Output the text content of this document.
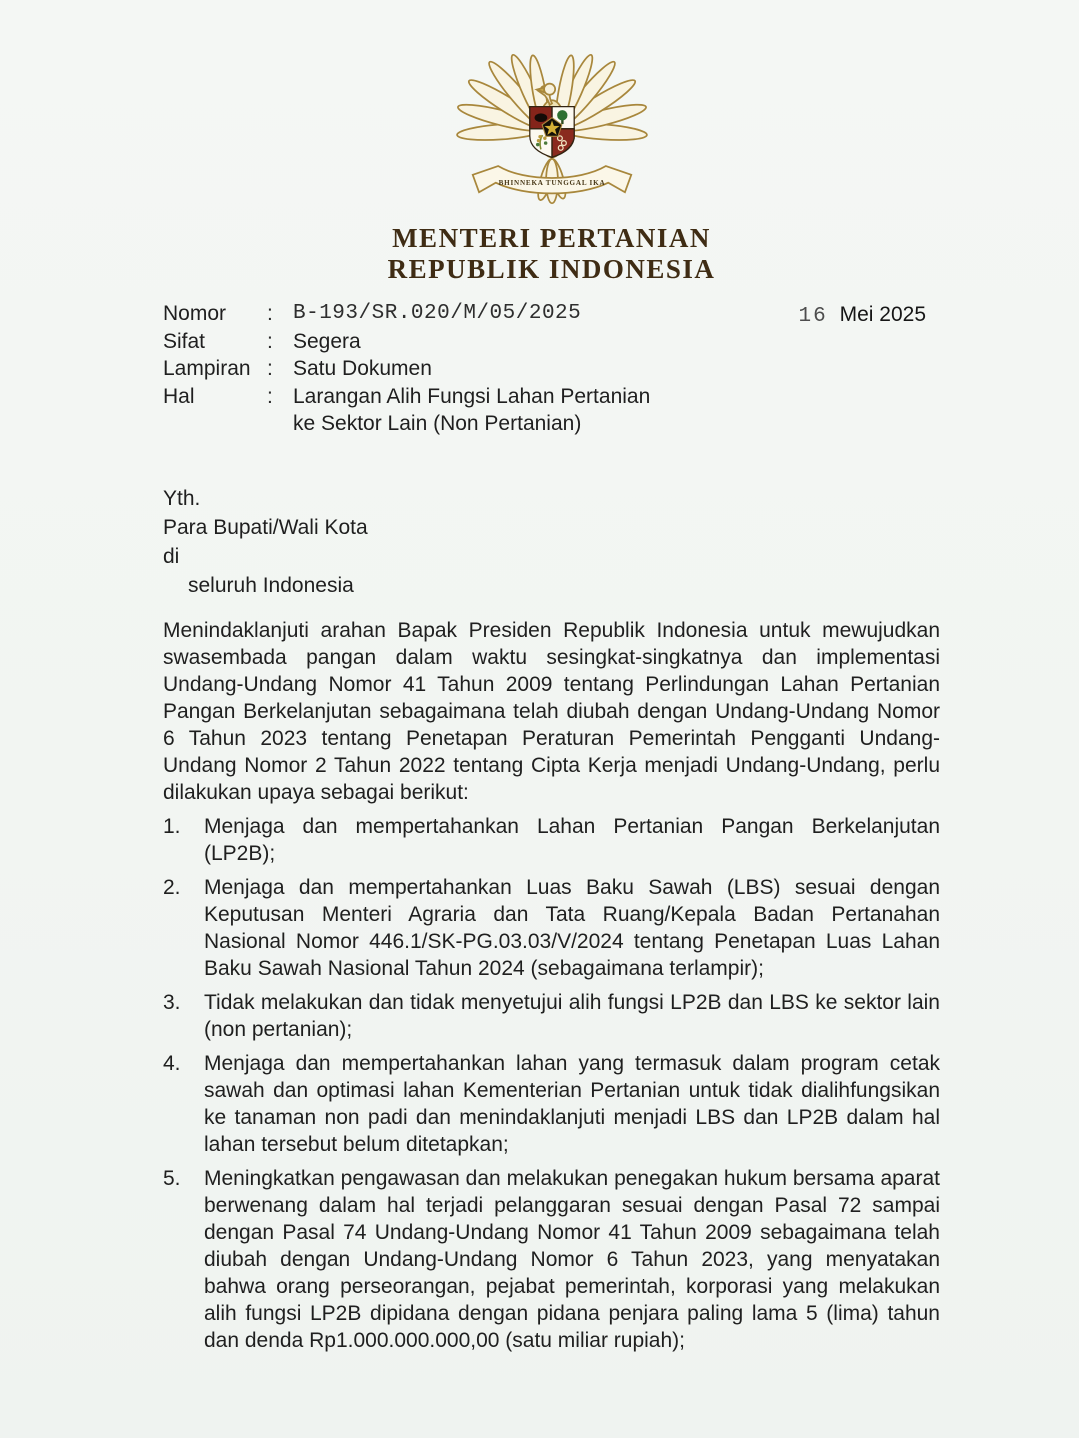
BHINNEKA TUNGGAL IKA
MENTERI PERTANIAN
REPUBLIK INDONESIA
Nomor	: B-193/SR.020/M/05/2025
Sifat	: Segera
Lampiran : Satu Dokumen
Hal	: Larangan Alih Fungsi Lahan Pertanian
ke Sektor Lain (Non Pertanian)
16 Mei 2025
Yth.
Para Bupati/Wali Kota
di
seluruh Indonesia

Menindaklanjuti arahan Bapak Presiden Republik Indonesia untuk mewujudkan swasembada pangan dalam waktu sesingkat-singkatnya dan implementasi Undang-Undang Nomor 41 Tahun 2009 tentang Perlindungan Lahan Pertanian Pangan Berkelanjutan sebagaimana telah diubah dengan Undang-Undang Nomor 6 Tahun 2023 tentang Penetapan Peraturan Pemerintah Pengganti Undang-Undang Nomor 2 Tahun 2022 tentang Cipta Kerja menjadi Undang-Undang, perlu dilakukan upaya sebagai berikut:

1.	Menjaga dan mempertahankan Lahan Pertanian Pangan Berkelanjutan (LP2B);
2.	Menjaga dan mempertahankan Luas Baku Sawah (LBS) sesuai dengan Keputusan Menteri Agraria dan Tata Ruang/Kepala Badan Pertanahan Nasional Nomor 446.1/SK-PG.03.03/V/2024 tentang Penetapan Luas Lahan Baku Sawah Nasional Tahun 2024 (sebagaimana terlampir);
3.	Tidak melakukan dan tidak menyetujui alih fungsi LP2B dan LBS ke sektor lain (non pertanian);
4.	Menjaga dan mempertahankan lahan yang termasuk dalam program cetak sawah dan optimasi lahan Kementerian Pertanian untuk tidak dialihfungsikan ke tanaman non padi dan menindaklanjuti menjadi LBS dan LP2B dalam hal lahan tersebut belum ditetapkan;
5.	Meningkatkan pengawasan dan melakukan penegakan hukum bersama aparat berwenang dalam hal terjadi pelanggaran sesuai dengan Pasal 72 sampai dengan Pasal 74 Undang-Undang Nomor 41 Tahun 2009 sebagaimana telah diubah dengan Undang-Undang Nomor 6 Tahun 2023, yang menyatakan bahwa orang perseorangan, pejabat pemerintah, korporasi yang melakukan alih fungsi LP2B dipidana dengan pidana penjara paling lama 5 (lima) tahun dan denda Rp1.000.000.000,00 (satu miliar rupiah);
